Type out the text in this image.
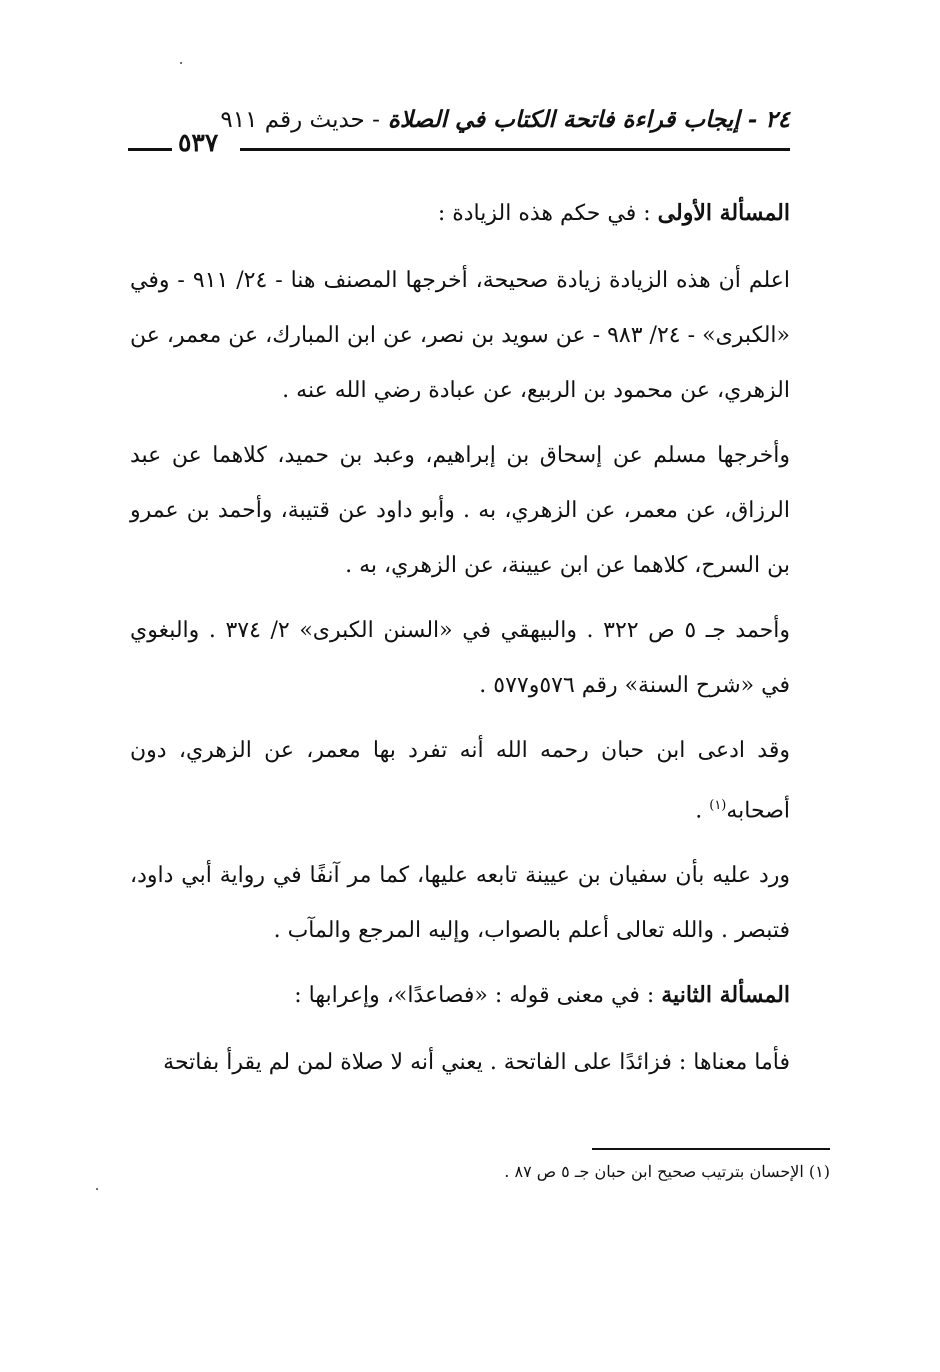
٢٤ - إيجاب قراءة فاتحة الكتاب في الصلاة - حديث رقم ٩١١
٥٣٧

المسألة الأولى : في حكم هذه الزيادة :

اعلم أن هذه الزيادة زيادة صحيحة، أخرجها المصنف هنا - ٢٤/ ٩١١ - وفي «الكبرى» - ٢٤/ ٩٨٣ - عن سويد بن نصر، عن ابن المبارك، عن معمر، عن الزهري، عن محمود بن الربيع، عن عبادة رضي الله عنه .

وأخرجها مسلم عن إسحاق بن إبراهيم، وعبد بن حميد، كلاهما عن عبد الرزاق، عن معمر، عن الزهري، به . وأبو داود عن قتيبة، وأحمد بن عمرو بن السرح، كلاهما عن ابن عيينة، عن الزهري، به .

وأحمد جـ ٥ ص ٣٢٢ . والبيهقي في «السنن الكبرى» ٢/ ٣٧٤ . والبغوي في «شرح السنة» رقم ٥٧٦و٥٧٧ .

وقد ادعى ابن حبان رحمه الله أنه تفرد بها معمر، عن الزهري، دون أصحابه$^{(١)}$ .

ورد عليه بأن سفيان بن عيينة تابعه عليها، كما مر آنفًا في رواية أبي داود، فتبصر . والله تعالى أعلم بالصواب، وإليه المرجع والمآب .

المسألة الثانية : في معنى قوله : «فصاعدًا»، وإعرابها :

فأما معناها : فزائدًا على الفاتحة . يعني أنه لا صلاة لمن لم يقرأ بفاتحة

(١) الإحسان بترتيب صحيح ابن حبان جـ ٥ ص ٨٧ .
